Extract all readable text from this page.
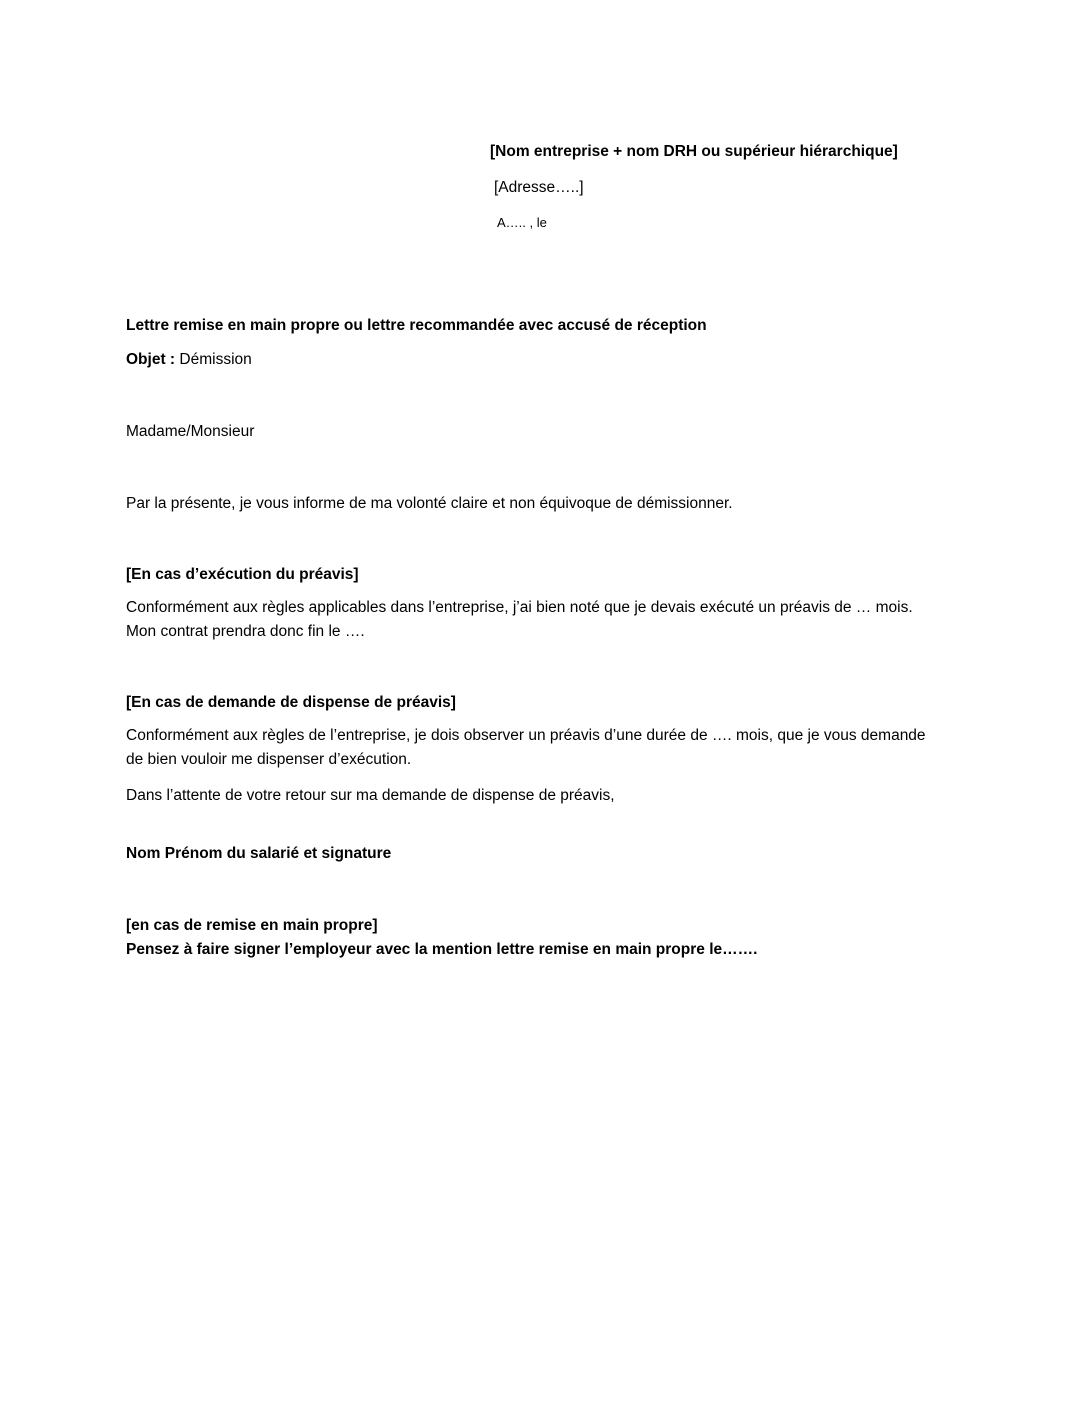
[Nom entreprise + nom DRH ou supérieur hiérarchique]

[Adresse…..]

A….. , le

Lettre remise en main propre ou lettre recommandée avec accusé de réception

Objet : Démission

Madame/Monsieur

Par la présente, je vous informe de ma volonté claire et non équivoque de démissionner.

[En cas d’exécution du préavis]

Conformément aux règles applicables dans l’entreprise, j’ai bien noté que je devais exécuté un préavis de … mois.

Mon contrat prendra donc fin le ….

[En cas de demande de dispense de préavis]

Conformément aux règles de l’entreprise, je dois observer un préavis d’une durée de …. mois, que je vous demande

de bien vouloir me dispenser d’exécution.

Dans l’attente de votre retour sur ma demande de dispense de préavis,

Nom Prénom du salarié et signature

[en cas de remise en main propre]

Pensez à faire signer l’employeur avec la mention lettre remise en main propre le…….
